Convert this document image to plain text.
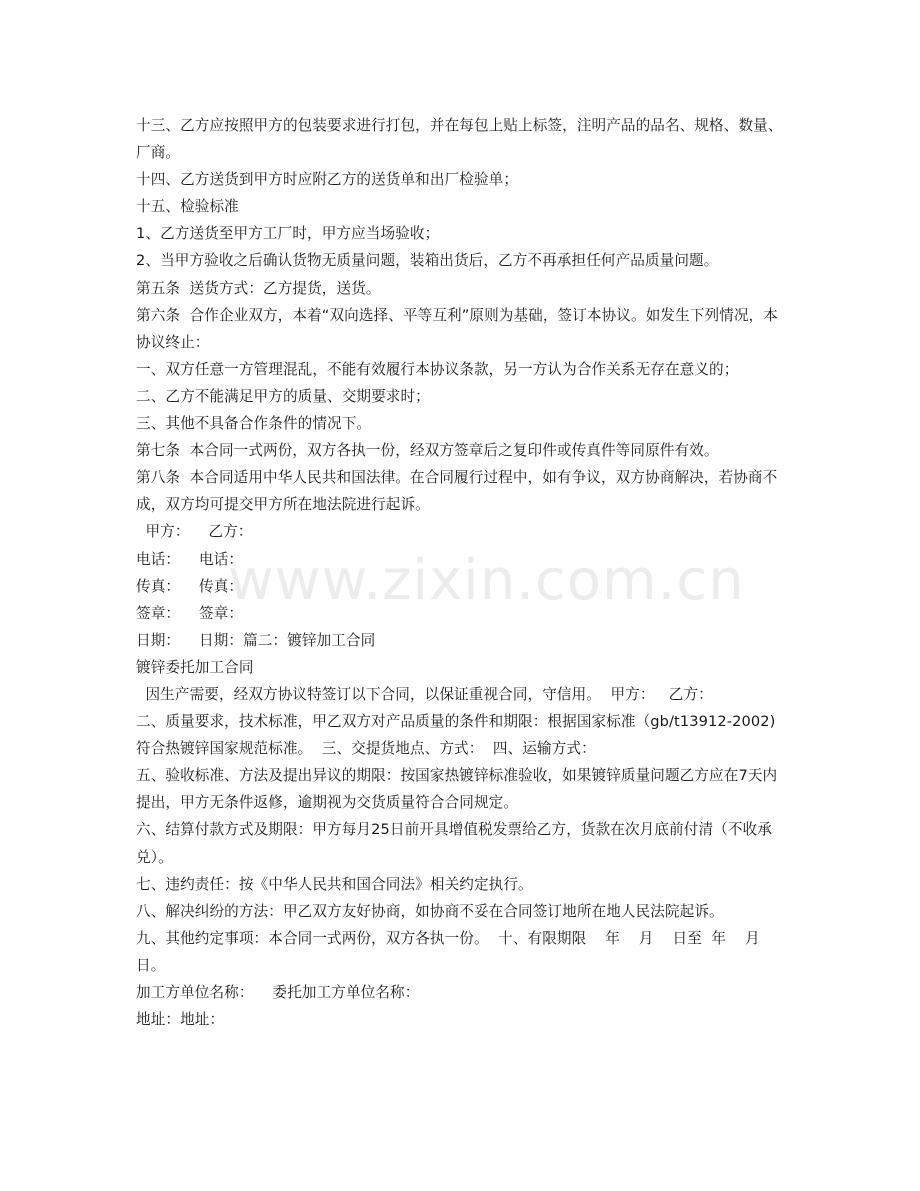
十三、乙方应按照甲方的包装要求进行打包，并在每包上贴上标签，注明产品的品名、规格、数量、厂商。

十四、乙方送货到甲方时应附乙方的送货单和出厂检验单；

十五、检验标准

1、乙方送货至甲方工厂时，甲方应当场验收；

2、当甲方验收之后确认货物无质量问题，装箱出货后，乙方不再承担任何产品质量问题。

第五条  送货方式：乙方提货，送货。

第六条  合作企业双方，本着“双向选择、平等互利”原则为基础，签订本协议。如发生下列情况，本协议终止：

一、双方任意一方管理混乱，不能有效履行本协议条款，另一方认为合作关系无存在意义的；

二、乙方不能满足甲方的质量、交期要求时；

三、其他不具备合作条件的情况下。

第七条  本合同一式两份，双方各执一份，经双方签章后之复印件或传真件等同原件有效。

第八条  本合同适用中华人民共和国法律。在合同履行过程中，如有争议，双方协商解决，若协商不成，双方均可提交甲方所在地法院进行起诉。

甲方：    乙方：

电话：    电话：

传真：    传真：

签章：    签章：

日期：    日期：篇二：镀锌加工合同

镀锌委托加工合同

因生产需要，经双方协议特签订以下合同，以保证重视合同，守信用。  甲方：   乙方：

二、质量要求，技术标准，甲乙双方对产品质量的条件和期限：根据国家标准（gb/t13912-2002)符合热镀锌国家规范标准。  三、交提货地点、方式：  四、运输方式：

五、验收标准、方法及提出异议的期限：按国家热镀锌标准验收，如果镀锌质量问题乙方应在7天内提出，甲方无条件返修，逾期视为交货质量符合合同规定。

六、结算付款方式及期限：甲方每月25日前开具增值税发票给乙方，货款在次月底前付清（不收承兑）。

七、违约责任：按《中华人民共和国合同法》相关约定执行。

八、解决纠纷的方法：甲乙双方友好协商，如协商不妥在合同签订地所在地人民法院起诉。

九、其他约定事项：本合同一式两份，双方各执一份。  十、有限期限    年    月    日至  年    月    日。

加工方单位名称：    委托加工方单位名称：

地址：地址：

www.zixin.com.cn
